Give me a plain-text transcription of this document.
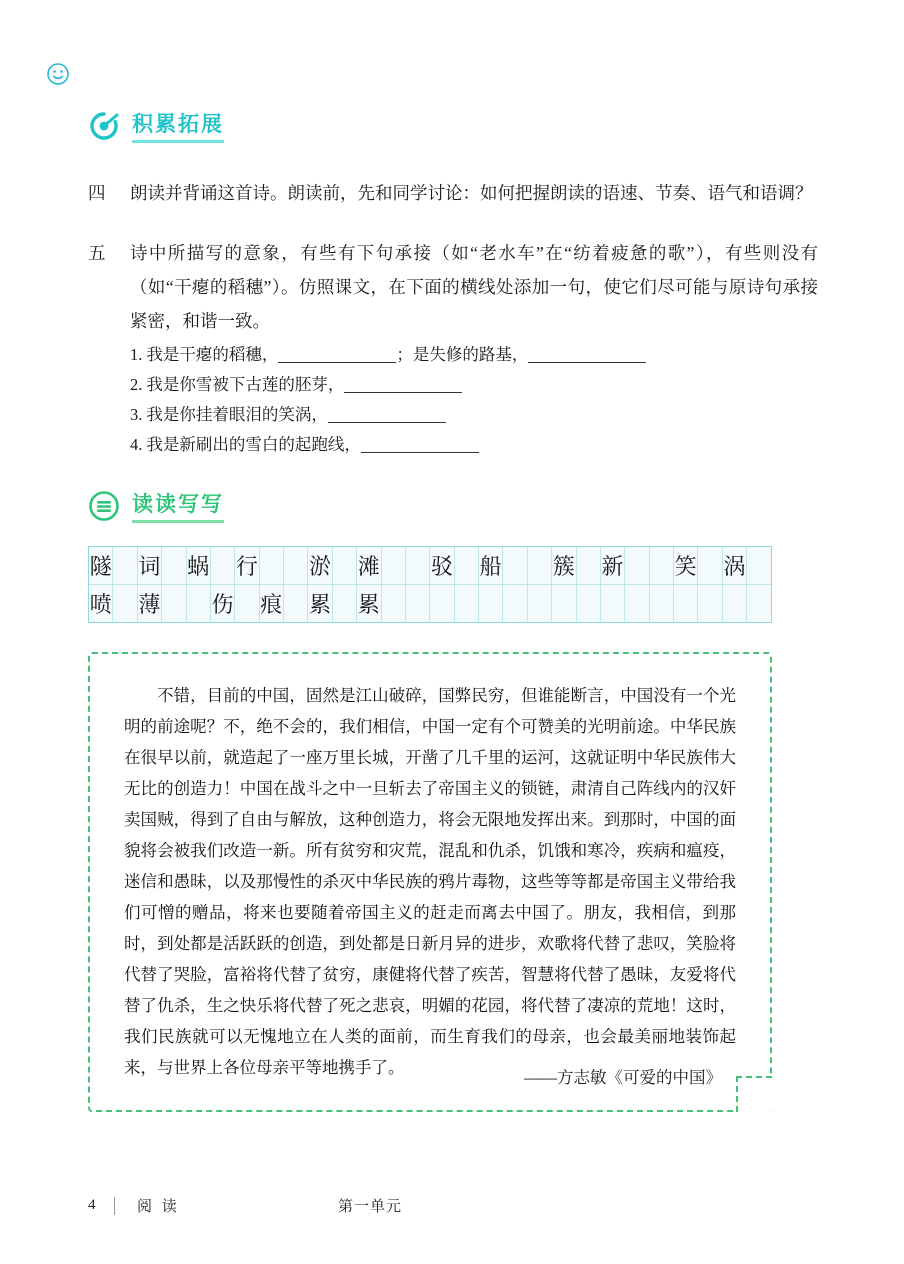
积累拓展
四	朗读并背诵这首诗。朗读前，先和同学讨论：如何把握朗读的语速、节奏、语气和语调？
五	诗中所描写的意象，有些有下句承接（如“老水车”在“纺着疲惫的歌”），有些则没有（如“干瘪的稻穗”）。仿照课文，在下面的横线处添加一句，使它们尽可能与原诗句承接紧密，和谐一致。
1. 我是干瘪的稻穗，	；是失修的路基，
2. 我是你雪被下古莲的胚芽，
3. 我是你挂着眼泪的笑涡，
4. 我是新刷出的雪白的起跑线，
读读写写
隧 词 蜗 行 淤 滩 驳 船 簇 新 笑 涡
喷 薄 伤 痕 累 累
不错，目前的中国，固然是江山破碎，国弊民穷，但谁能断言，中国没有一个光明的前途呢？不，绝不会的，我们相信，中国一定有个可赞美的光明前途。中华民族在很早以前，就造起了一座万里长城，开凿了几千里的运河，这就证明中华民族伟大无比的创造力！中国在战斗之中一旦斩去了帝国主义的锁链，肃清自己阵线内的汉奸卖国贼，得到了自由与解放，这种创造力，将会无限地发挥出来。到那时，中国的面貌将会被我们改造一新。所有贫穷和灾荒，混乱和仇杀，饥饿和寒冷，疾病和瘟疫，迷信和愚昧，以及那慢性的杀灭中华民族的鸦片毒物，这些等等都是帝国主义带给我们可憎的赠品，将来也要随着帝国主义的赶走而离去中国了。朋友，我相信，到那时，到处都是活跃跃的创造，到处都是日新月异的进步，欢歌将代替了悲叹，笑脸将代替了哭脸，富裕将代替了贫穷，康健将代替了疾苦，智慧将代替了愚昧，友爱将代替了仇杀，生之快乐将代替了死之悲哀，明媚的花园，将代替了凄凉的荒地！这时，我们民族就可以无愧地立在人类的面前，而生育我们的母亲，也会最美丽地装饰起来，与世界上各位母亲平等地携手了。
——方志敏《可爱的中国》
4	阅 读	第一单元
